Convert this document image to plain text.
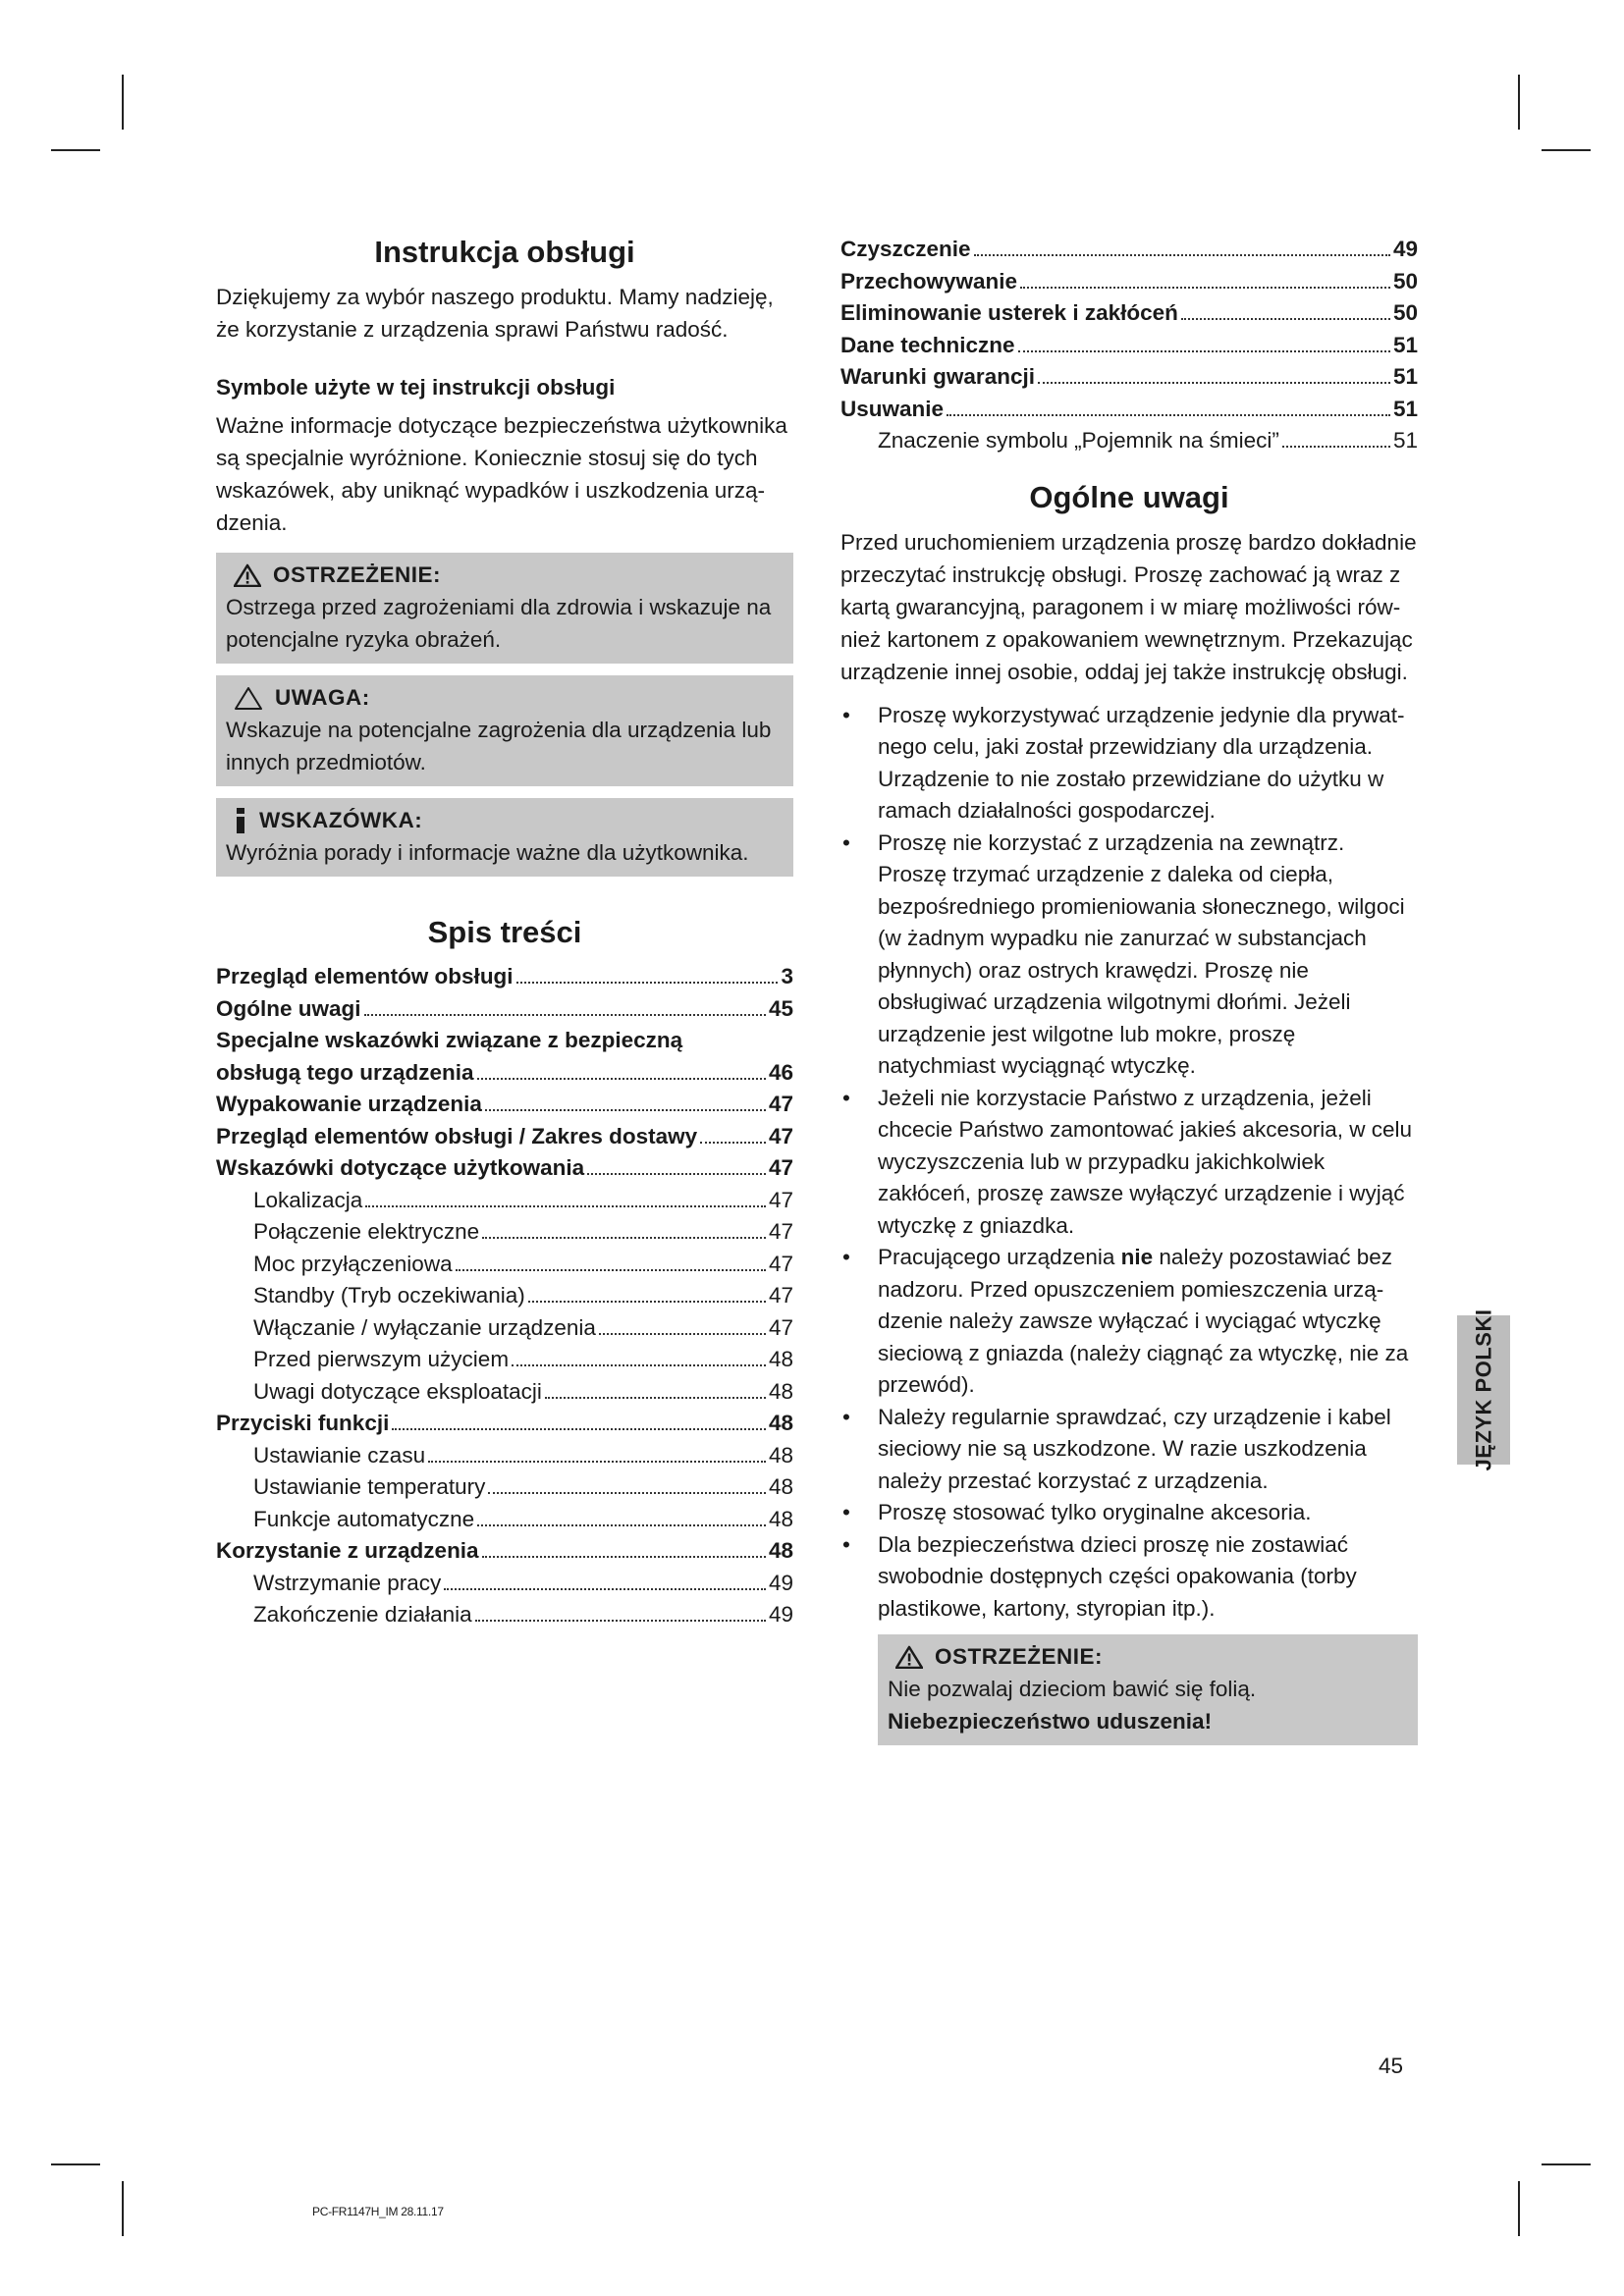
Instrukcja obsługi

Dziękujemy za wybór naszego produktu. Mamy nadzieję, że korzystanie z urządzenia sprawi Państwu radość.

Symbole użyte w tej instrukcji obsługi

Ważne informacje dotyczące bezpieczeństwa użytkownika są specjalnie wyróżnione. Koniecznie stosuj się do tych wskazówek, aby uniknąć wypadków i uszkodzenia urządzenia.

OSTRZEŻENIE:
Ostrzega przed zagrożeniami dla zdrowia i wskazuje na potencjalne ryzyka obrażeń.
UWAGA:
Wskazuje na potencjalne zagrożenia dla urządzenia lub innych przedmiotów.
WSKAZÓWKA:
Wyróżnia porady i informacje ważne dla użytkownika.
Spis treści
Przegląd elementów obsługi	3
Ogólne uwagi	45
Specjalne wskazówki związane z bezpieczną
obsługą tego urządzenia	46
Wypakowanie urządzenia	47
Przegląd elementów obsługi / Zakres dostawy	47
Wskazówki dotyczące użytkowania	47
Lokalizacja	47
Połączenie elektryczne	47
Moc przyłączeniowa	47
Standby (Tryb oczekiwania)	47
Włączanie / wyłączanie urządzenia	47
Przed pierwszym użyciem	48
Uwagi dotyczące eksploatacji	48
Przyciski funkcji	48
Ustawianie czasu	48
Ustawianie temperatury	48
Funkcje automatyczne	48
Korzystanie z urządzenia	48
Wstrzymanie pracy	49
Zakończenie działania	49
Czyszczenie	49
Przechowywanie	50
Eliminowanie usterek i zakłóceń	50
Dane techniczne	51
Warunki gwarancji	51
Usuwanie	51
Znaczenie symbolu „Pojemnik na śmieci”	51
Ogólne uwagi

Przed uruchomieniem urządzenia proszę bardzo dokładnie przeczytać instrukcję obsługi. Proszę zachować ją wraz z kartą gwarancyjną, paragonem i w miarę możliwości również kartonem z opakowaniem wewnętrznym. Przekazując urządzenie innej osobie, oddaj jej także instrukcję obsługi.

•	Proszę wykorzystywać urządzenie jedynie dla prywatnego celu, jaki został przewidziany dla urządzenia. Urządzenie to nie zostało przewidziane do użytku w ramach działalności gospodarczej.
•	Proszę nie korzystać z urządzenia na zewnątrz. Proszę trzymać urządzenie z daleka od ciepła, bezpośredniego promieniowania słonecznego, wilgoci (w żadnym wypadku nie zanurzać w substancjach płynnych) oraz ostrych krawędzi. Proszę nie obsługiwać urządzenia wilgotnymi dłońmi. Jeżeli urządzenie jest wilgotne lub mokre, proszę natychmiast wyciągnąć wtyczkę.
•	Jeżeli nie korzystacie Państwo z urządzenia, jeżeli chcecie Państwo zamontować jakieś akcesoria, w celu wyczyszczenia lub w przypadku jakichkolwiek zakłóceń, proszę zawsze wyłączyć urządzenie i wyjąć wtyczkę z gniazdka.
•	Pracującego urządzenia nie należy pozostawiać bez nadzoru. Przed opuszczeniem pomieszczenia urządzenie należy zawsze wyłączać i wyciągać wtyczkę sieciową z gniazda (należy ciągnąć za wtyczkę, nie za przewód).
•	Należy regularnie sprawdzać, czy urządzenie i kabel sieciowy nie są uszkodzone. W razie uszkodzenia należy przestać korzystać z urządzenia.
•	Proszę stosować tylko oryginalne akcesoria.
•	Dla bezpieczeństwa dzieci proszę nie zostawiać swobodnie dostępnych części opakowania (torby plastikowe, kartony, styropian itp.).
OSTRZEŻENIE:
Nie pozwalaj dzieciom bawić się folią.
Niebezpieczeństwo uduszenia!
JĘZYK POLSKI
45
PC-FR1147H_IM 28.11.17
